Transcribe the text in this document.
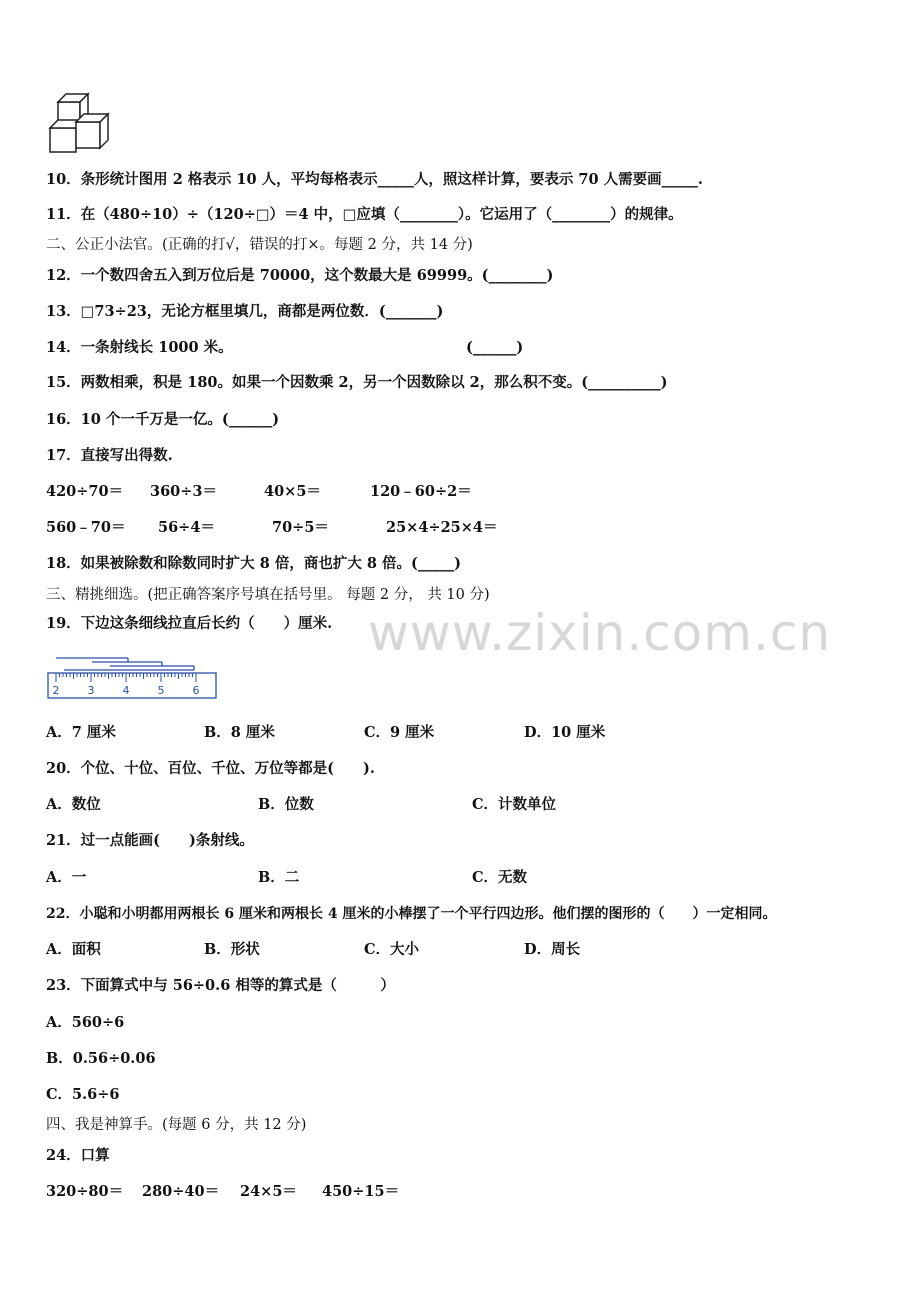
10．条形统计图用 2 格表示 10 人，平均每格表示_____人，照这样计算，要表示 70 人需要画_____.
11．在（480÷10）÷（120÷□）＝4 中，□应填（________）。它运用了（________）的规律。
二、公正小法官。(正确的打√，错误的打×。每题 2 分，共 14 分)
12．一个数四舍五入到万位后是 70000，这个数最大是 69999。(________)
13．□73÷23，无论方框里填几，商都是两位数．(_______)
14．一条射线长 1000 米。	(______)
15．两数相乘，积是 180。如果一个因数乘 2，另一个因数除以 2，那么积不变。(__________)
16．10 个一千万是一亿。(______)
17．直接写出得数.
420÷70＝ 360÷3＝	40×5＝	120﹣60÷2＝
560﹣70＝ 56÷4＝	70÷5＝	25×4÷25×4＝
18．如果被除数和除数同时扩大 8 倍，商也扩大 8 倍。(_____)
三、精挑细选。(把正确答案序号填在括号里。 每题 2 分， 共 10 分)
19．下边这条细线拉直后长约（　　）厘米.
2	3	4	5	6
A．7 厘米	B．8 厘米	C．9 厘米	D．10 厘米
20．个位、十位、百位、千位、万位等都是(　　).
A．数位	B．位数	C．计数单位
21．过一点能画(　　)条射线。
A．一	B．二	C．无数
22．小聪和小明都用两根长 6 厘米和两根长 4 厘米的小棒摆了一个平行四边形。他们摆的图形的（　　）一定相同。
A．面积	B．形状	C．大小	D．周长
23．下面算式中与 56÷0.6 相等的算式是（　　　）
A．560÷6
B．0.56÷0.06
C．5.6÷6
四、我是神算手。(每题 6 分，共 12 分)
24．口算
320÷80＝ 280÷40＝ 24×5＝ 450÷15＝
www.zixin.com.cn
